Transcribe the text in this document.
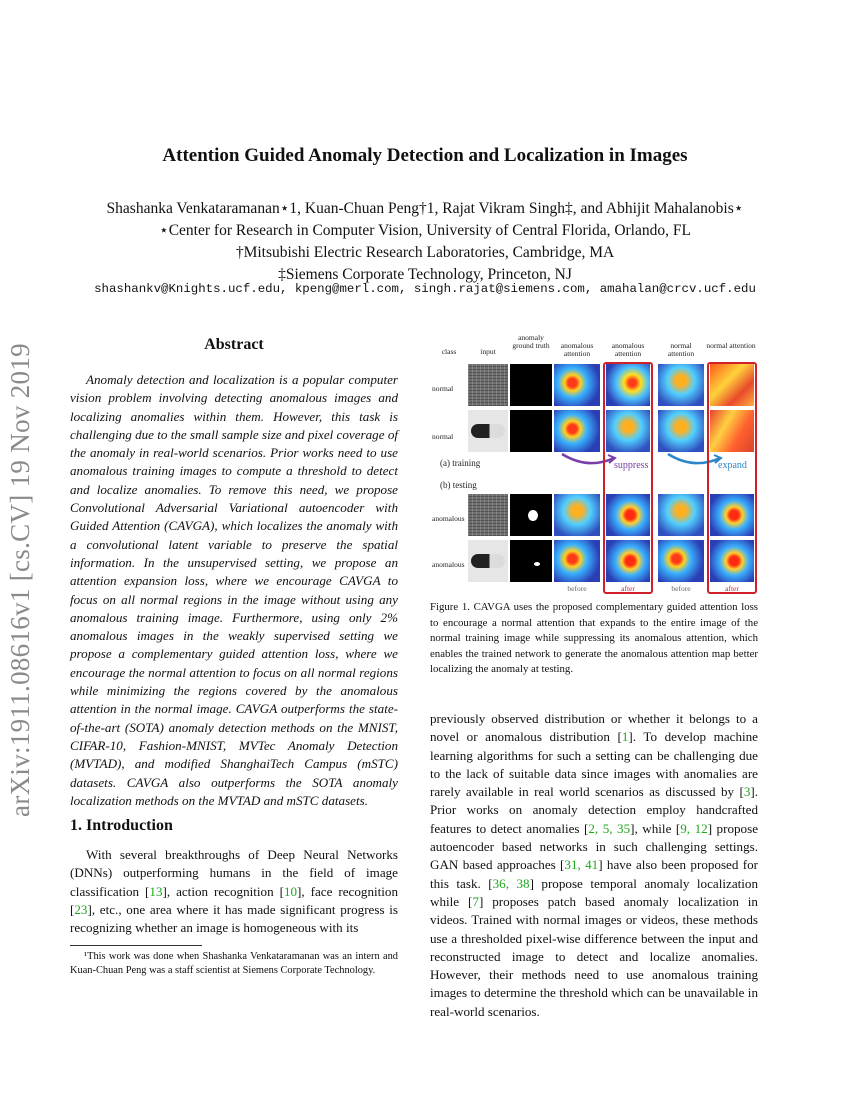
arXiv:1911.08616v1 [cs.CV] 19 Nov 2019
Attention Guided Anomaly Detection and Localization in Images
Shashanka Venkataramanan⋆1, Kuan-Chuan Peng†1, Rajat Vikram Singh‡, and Abhijit Mahalanobis⋆
⋆Center for Research in Computer Vision, University of Central Florida, Orlando, FL
†Mitsubishi Electric Research Laboratories, Cambridge, MA
‡Siemens Corporate Technology, Princeton, NJ
shashankv@Knights.ucf.edu, kpeng@merl.com, singh.rajat@siemens.com, amahalan@crcv.ucf.edu
Abstract
Anomaly detection and localization is a popular computer vision problem involving detecting anomalous images and localizing anomalies within them. However, this task is challenging due to the small sample size and pixel coverage of the anomaly in real-world scenarios. Prior works need to use anomalous training images to compute a threshold to detect and localize anomalies. To remove this need, we propose Convolutional Adversarial Variational autoencoder with Guided Attention (CAVGA), which localizes the anomaly with a convolutional latent variable to preserve the spatial information. In the unsupervised setting, we propose an attention expansion loss, where we encourage CAVGA to focus on all normal regions in the image without using any anomalous training image. Furthermore, using only 2% anomalous images in the weakly supervised setting we propose a complementary guided attention loss, where we encourage the normal attention to focus on all normal regions while minimizing the regions covered by the anomalous attention in the normal image. CAVGA outperforms the state-of-the-art (SOTA) anomaly detection methods on the MNIST, CIFAR-10, Fashion-MNIST, MVTec Anomaly Detection (MVTAD), and modified ShanghaiTech Campus (mSTC) datasets. CAVGA also outperforms the SOTA anomaly localization methods on the MVTAD and mSTC datasets.
1. Introduction
With several breakthroughs of Deep Neural Networks (DNNs) outperforming humans in the field of image classification [13], action recognition [10], face recognition [23], etc., one area where it has made significant progress is recognizing whether an image is homogeneous with its
¹This work was done when Shashanka Venkataramanan was an intern and Kuan-Chuan Peng was a staff scientist at Siemens Corporate Technology.
class	input
anomaly ground truth	anomalous attention
anomalous attention
normal attention
normal attention
normal
normal
(a) training	suppress	expand
(b) testing
anomalous
anomalous
before	after	before	after
Figure 1. CAVGA uses the proposed complementary guided attention loss to encourage a normal attention that expands to the entire image of the normal training image while suppressing its anomalous attention, which enables the trained network to generate the anomalous attention map better localizing the anomaly at testing.
previously observed distribution or whether it belongs to a novel or anomalous distribution [1]. To develop machine learning algorithms for such a setting can be challenging due to the lack of suitable data since images with anomalies are rarely available in real world scenarios as discussed by [3]. Prior works on anomaly detection employ handcrafted features to detect anomalies [2, 5, 35], while [9, 12] propose autoencoder based networks in such challenging settings. GAN based approaches [31, 41] have also been proposed for this task. [36, 38] propose temporal anomaly localization while [7] proposes patch based anomaly localization in videos. Trained with normal images or videos, these methods use a thresholded pixel-wise difference between the input and reconstructed image to detect and localize anomalies. However, their methods need to use anomalous training images to determine the threshold which can be unavailable in real-world scenarios.
